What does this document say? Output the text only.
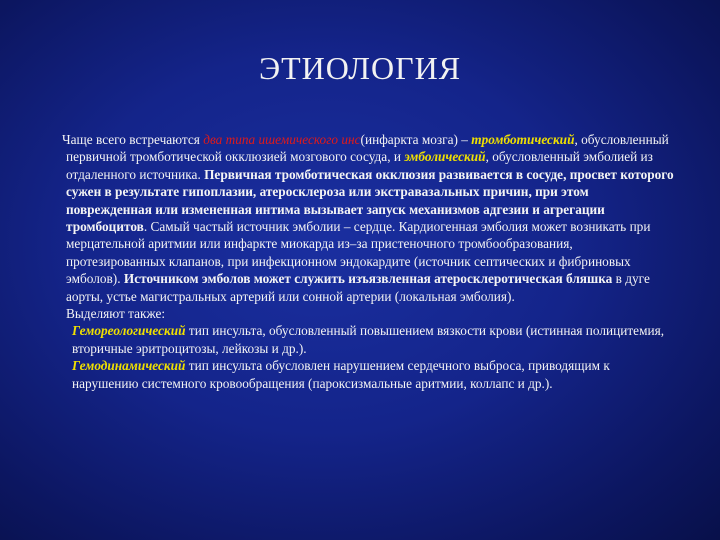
ЭТИОЛОГИЯ
Чаще всего встречаются два типа ишемического инс(инфаркта мозга) – тромботический, обусловленный первичной тромботической окклюзией мозгового сосуда, и эмболический, обусловленный эмболией из отдаленного источника. Первичная тромботическая окклюзия развивается в сосуде, просвет которого сужен в результате гипоплазии, атеросклероза или экстравазальных причин, при этом поврежденная или измененная интима вызывает запуск механизмов адгезии и агрегации тромбоцитов. Самый частый источник эмболии – сердце. Кардиогенная эмболия может возникать при мерцательной аритмии или инфаркте миокарда из–за пристеночного тромбообразования, протезированных клапанов, при инфекционном эндокардите (источник септических и фибриновых эмболов). Источником эмболов может служить изъязвленная атеросклеротическая бляшка в дуге аорты, устье магистральных артерий или сонной артерии (локальная эмболия).
Выделяют также:
Гемореологический тип инсульта, обусловленный повышением вязкости крови (истинная полицитемия, вторичные эритроцитозы, лейкозы и др.).
Гемодинамический тип инсульта обусловлен нарушением сердечного выброса, приводящим к нарушению системного кровообращения (пароксизмальные аритмии, коллапс и др.).
